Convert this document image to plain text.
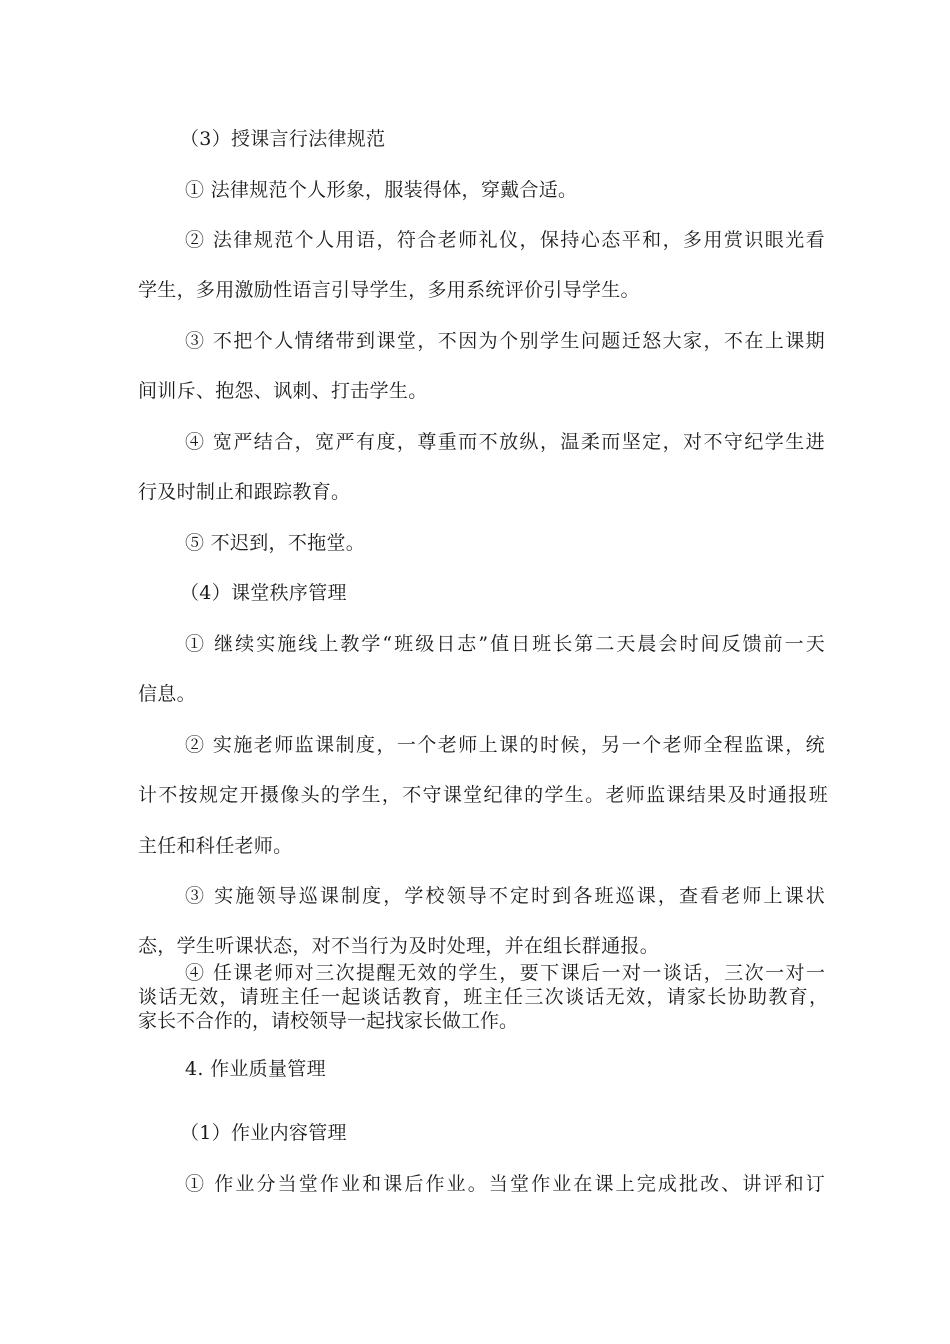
（3）授课言行法律规范
① 法律规范个人形象，服装得体，穿戴合适。
② 法律规范个人用语，符合老师礼仪，保持心态平和，多用赏识眼光看
学生，多用激励性语言引导学生，多用系统评价引导学生。
③ 不把个人情绪带到课堂，不因为个别学生问题迁怒大家，不在上课期
间训斥、抱怨、讽刺、打击学生。
④ 宽严结合，宽严有度，尊重而不放纵，温柔而坚定，对不守纪学生进
行及时制止和跟踪教育。
⑤ 不迟到，不拖堂。
（4）课堂秩序管理
① 继续实施线上教学“班级日志”值日班长第二天晨会时间反馈前一天
信息。
② 实施老师监课制度，一个老师上课的时候，另一个老师全程监课，统
计不按规定开摄像头的学生，不守课堂纪律的学生。老师监课结果及时通报班
主任和科任老师。
③ 实施领导巡课制度，学校领导不定时到各班巡课，查看老师上课状
态，学生听课状态，对不当行为及时处理，并在组长群通报。
④ 任课老师对三次提醒无效的学生，要下课后一对一谈话，三次一对一
谈话无效，请班主任一起谈话教育，班主任三次谈话无效，请家长协助教育，
家长不合作的，请校领导一起找家长做工作。
4. 作业质量管理
（1）作业内容管理
① 作业分当堂作业和课后作业。当堂作业在课上完成批改、讲评和订
